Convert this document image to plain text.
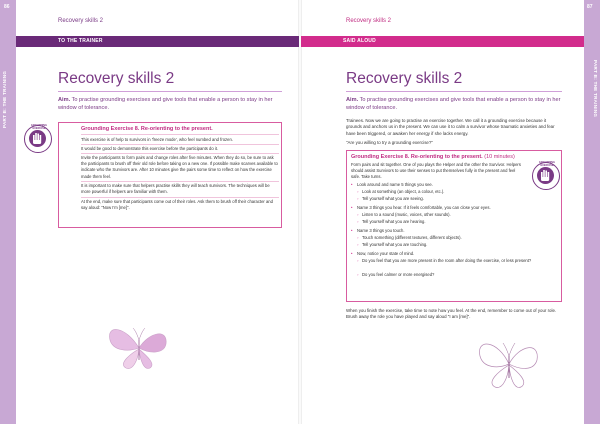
86	87
PART B: THE TRAINING	PART B: THE TRAINING
Recovery skills 2	Recovery skills 2
TO THE TRAINER	SAID ALOUD
Recovery skills 2	Recovery skills 2
Aim. To practise grounding exercises and give tools that enable a person to stay in her window of tolerance.
Aim. To practise grounding exercises and give tools that enable a person to stay in her window of tolerance.
Grounding Exercise 8. Re-orienting to the present.
This exercise is of help to survivors in 'freeze mode', who feel numbed and frozen.
It would be good to demonstrate this exercise before the participants do it.
Invite the participants to form pairs and change roles after five minutes. When they do so, be sure to ask the participants to brush off their old role before taking on a new one. If possible make scarves available to indicate who the Survivors are. After 10 minutes give the pairs some time to reflect on how the exercise made them feel.
It is important to make sure that helpers practise skills they will teach survivors. The techniques will be more powerful if helpers are familiar with them.
At the end, make sure that participants come out of their roles. Ask them to brush off their character and say aloud: "Now I'm [me]".
GROUNDING EXERCISE
Trainees. Now we are going to practise an exercise together. We call it a grounding exercise because it grounds and anchors us in the present. We can use it to calm a survivor whose traumatic anxieties and fear have been triggered, or awaken her energy if she lacks energy.
"Are you willing to try a grounding exercise?"
Grounding Exercise 8. Re-orienting to the present. (10 minutes)
Form pairs and sit together. One of you plays the Helper and the other the Survivor. Helpers should assist Survivors to use their senses to put themselves fully in the present and feel safe. Take turns.
• Look around and name 5 things you see.
◦ Look at something (an object, a colour, etc.).
◦ Tell yourself what you are seeing.
• Name 3 things you hear. If it feels comfortable, you can close your eyes.
◦ Listen to a sound (music, voices, other sounds).
◦ Tell yourself what you are hearing.
• Name 3 things you touch.
◦ Touch something (different textures, different objects).
◦ Tell yourself what you are touching.
• Now, notice your state of mind.
◦ Do you feel that you are more present in the room after doing the exercise, or less present?
◦ Do you feel calmer or more energised?
GROUNDING EXERCISE
When you finish the exercise, take time to note how you feel. At the end, remember to come out of your role. Brush away the role you have played and say aloud "I am [me]".
